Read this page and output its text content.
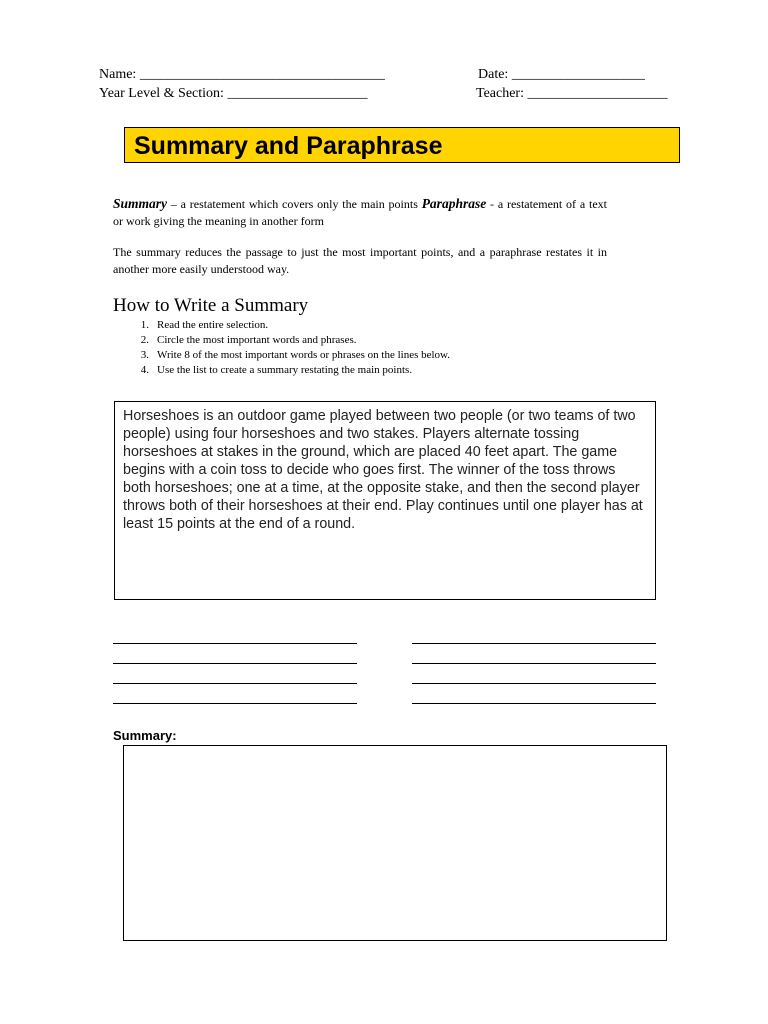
Name: ___________________________________	Date: ___________________
Year Level & Section: ____________________	Teacher: ____________________
Summary and Paraphrase
Summary – a restatement which covers only the main points Paraphrase - a restatement of a text or work giving the meaning in another form
The summary reduces the passage to just the most important points, and a paraphrase restates it in another more easily understood way.
How to Write a Summary
1. Read the entire selection.
2. Circle the most important words and phrases.
3. Write 8 of the most important words or phrases on the lines below.
4. Use the list to create a summary restating the main points.
Horseshoes is an outdoor game played between two people (or two teams of two people) using four horseshoes and two stakes. Players alternate tossing horseshoes at stakes in the ground, which are placed 40 feet apart. The game begins with a coin toss to decide who goes first. The winner of the toss throws both horseshoes; one at a time, at the opposite stake, and then the second player throws both of their horseshoes at their end. Play continues until one player has at least 15 points at the end of a round.
Summary:
